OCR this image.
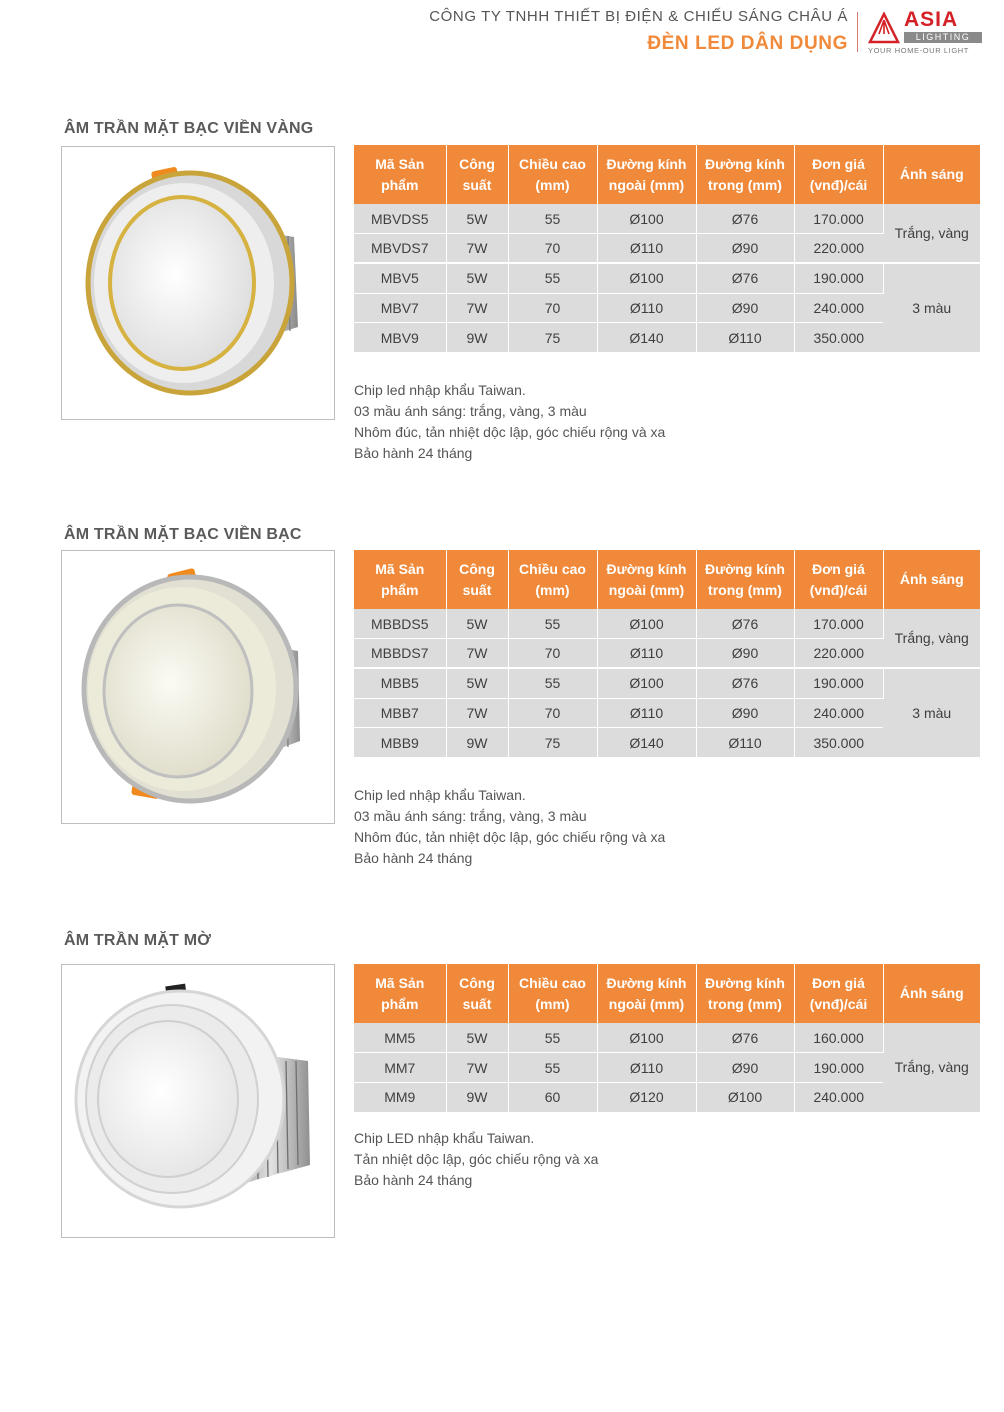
CÔNG TY TNHH THIẾT BỊ ĐIỆN & CHIẾU SÁNG CHÂU Á
ĐÈN LED DÂN DỤNG
ASIA
LIGHTING
YOUR HOME-OUR LIGHT
ÂM TRẦN MẶT BẠC VIỀN VÀNG
Mã Sản phẩm	Công suất	Chiều cao (mm)	Đường kính ngoài (mm)	Đường kính trong (mm)	Đơn giá (vnđ)/cái	Ánh sáng
MBVDS5	5W	55	Ø100	Ø76	170.000	Trắng, vàng
MBVDS7	7W	70	Ø110	Ø90	220.000	
MBV5	5W	55	Ø100	Ø76	190.000	3 màu
MBV7	7W	70	Ø110	Ø90	240.000	
MBV9	9W	75	Ø140	Ø110	350.000	
Chip led nhập khẩu Taiwan.
03 mầu ánh sáng: trắng, vàng, 3 màu
Nhôm đúc, tản nhiệt dộc lập, góc chiếu rộng và xa
Bảo hành 24 tháng
ÂM TRẦN MẶT BẠC VIỀN BẠC
Mã Sản phẩm	Công suất	Chiều cao (mm)	Đường kính ngoài (mm)	Đường kính trong (mm)	Đơn giá (vnđ)/cái	Ánh sáng
MBBDS5	5W	55	Ø100	Ø76	170.000	Trắng, vàng
MBBDS7	7W	70	Ø110	Ø90	220.000	
MBB5	5W	55	Ø100	Ø76	190.000	3 màu
MBB7	7W	70	Ø110	Ø90	240.000	
MBB9	9W	75	Ø140	Ø110	350.000	
Chip led nhập khẩu Taiwan.
03 mầu ánh sáng: trắng, vàng, 3 màu
Nhôm đúc, tản nhiệt dộc lập, góc chiếu rộng và xa
Bảo hành 24 tháng
ÂM TRẦN MẶT MỜ
Mã Sản phẩm	Công suất	Chiều cao (mm)	Đường kính ngoài (mm)	Đường kính trong (mm)	Đơn giá (vnđ)/cái	Ánh sáng
MM5	5W	55	Ø100	Ø76	160.000	Trắng, vàng
MM7	7W	55	Ø110	Ø90	190.000	
MM9	9W	60	Ø120	Ø100	240.000	
Chip LED nhập khẩu Taiwan.
Tản nhiệt dộc lập, góc chiếu rộng và xa
Bảo hành 24 tháng
